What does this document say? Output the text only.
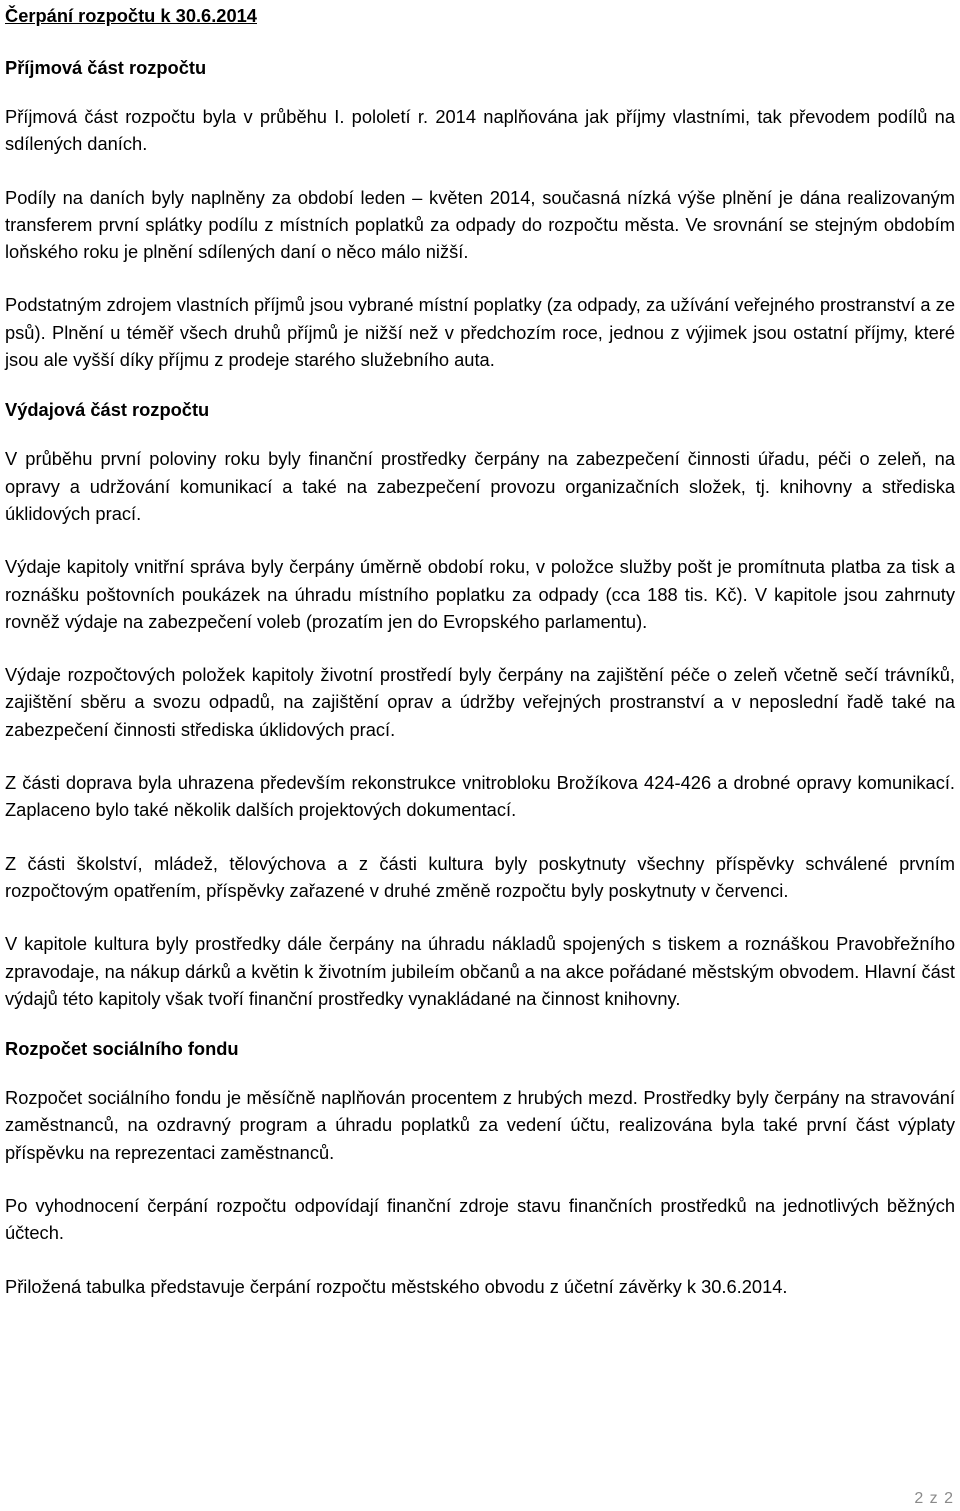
Čerpání rozpočtu k 30.6.2014
Příjmová část rozpočtu

Příjmová část rozpočtu byla v průběhu I. pololetí r. 2014 naplňována jak příjmy vlastními, tak převodem podílů na sdílených daních.

Podíly na daních byly naplněny za období leden – květen 2014, současná nízká výše plnění je dána realizovaným transferem první splátky podílu z místních poplatků za odpady do rozpočtu města. Ve srovnání se stejným obdobím loňského roku je plnění sdílených daní o něco málo nižší.

Podstatným zdrojem vlastních příjmů jsou vybrané místní poplatky (za odpady, za užívání veřejného prostranství a ze psů). Plnění u téměř všech druhů příjmů je nižší než v předchozím roce, jednou z výjimek jsou ostatní příjmy, které jsou ale vyšší díky příjmu z prodeje starého služebního auta.

Výdajová část rozpočtu

V průběhu první poloviny roku byly finanční prostředky čerpány na zabezpečení činnosti úřadu, péči o zeleň, na opravy a udržování komunikací a také na zabezpečení provozu organizačních složek, tj. knihovny a střediska úklidových prací.

Výdaje kapitoly vnitřní správa byly čerpány úměrně období roku, v položce služby pošt je promítnuta platba za tisk a roznášku poštovních poukázek na úhradu místního poplatku za odpady (cca 188 tis. Kč). V kapitole jsou zahrnuty rovněž výdaje na zabezpečení voleb (prozatím jen do Evropského parlamentu).

Výdaje rozpočtových položek kapitoly životní prostředí byly čerpány na zajištění péče o zeleň včetně sečí trávníků, zajištění sběru a svozu odpadů, na zajištění oprav a údržby veřejných prostranství a v neposlední řadě také na zabezpečení činnosti střediska úklidových prací.

Z části doprava byla uhrazena především rekonstrukce vnitrobloku Brožíkova 424-426 a drobné opravy komunikací. Zaplaceno bylo také několik dalších projektových dokumentací.

Z části školství, mládež, tělovýchova a z části kultura byly poskytnuty všechny příspěvky schválené prvním rozpočtovým opatřením, příspěvky zařazené v druhé změně rozpočtu byly poskytnuty v červenci.

V kapitole kultura byly prostředky dále čerpány na úhradu nákladů spojených s tiskem a roznáškou Pravobřežního zpravodaje, na nákup dárků a květin k životním jubileím občanů a na akce pořádané městským obvodem. Hlavní část výdajů této kapitoly však tvoří finanční prostředky vynakládané na činnost knihovny.

Rozpočet sociálního fondu

Rozpočet sociálního fondu je měsíčně naplňován procentem z hrubých mezd. Prostředky byly čerpány na stravování zaměstnanců, na ozdravný program a úhradu poplatků za vedení účtu, realizována byla také první část výplaty příspěvku na reprezentaci zaměstnanců.

Po vyhodnocení čerpání rozpočtu odpovídají finanční zdroje stavu finančních prostředků na jednotlivých běžných účtech.

Přiložená tabulka představuje čerpání rozpočtu městského obvodu z účetní závěrky k 30.6.2014.

2 z 2
